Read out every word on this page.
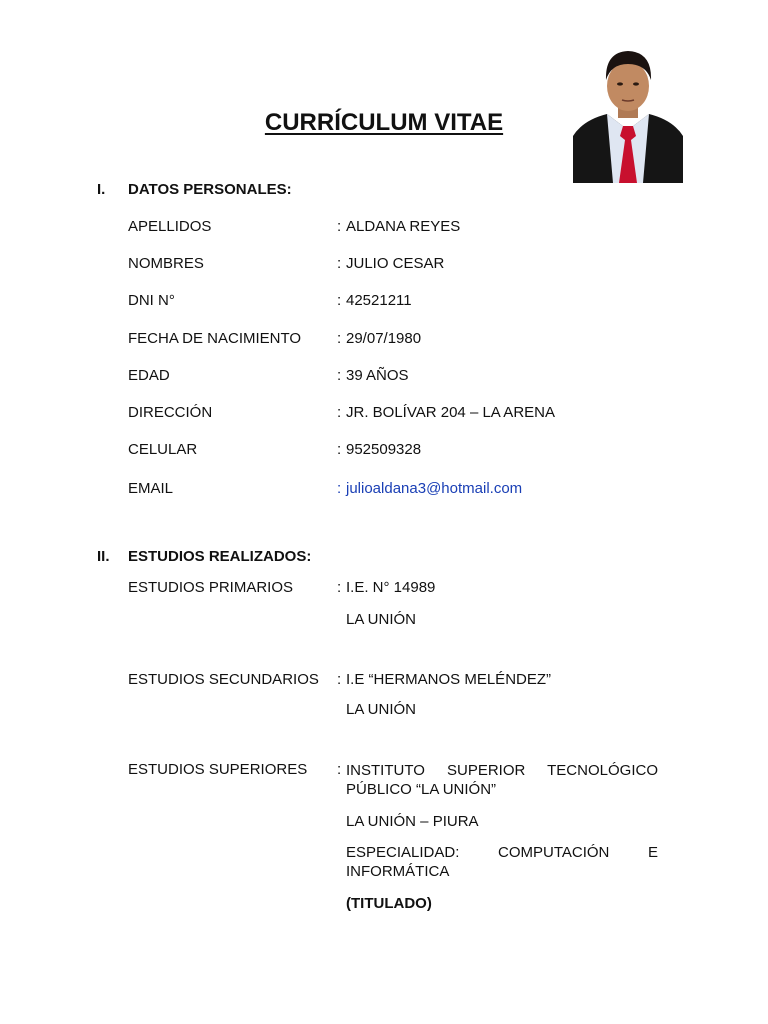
CURRÍCULUM VITAE
I. DATOS PERSONALES:
APELLIDOS	: ALDANA REYES
NOMBRES	: JULIO CESAR
DNI N°	: 42521211
FECHA DE NACIMIENTO : 29/07/1980
EDAD	: 39 AÑOS
DIRECCIÓN	: JR. BOLÍVAR 204 – LA ARENA
CELULAR	: 952509328
EMAIL	: julioaldana3@hotmail.com
II. ESTUDIOS REALIZADOS:
ESTUDIOS PRIMARIOS	: I.E. N° 14989
LA UNIÓN
ESTUDIOS SECUNDARIOS : I.E “HERMANOS MELÉNDEZ”
LA UNIÓN
ESTUDIOS SUPERIORES : INSTITUTO SUPERIOR TECNOLÓGICO PÚBLICO “LA UNIÓN”

LA UNIÓN – PIURA

ESPECIALIDAD: COMPUTACIÓN E INFORMÁTICA

(TITULADO)
